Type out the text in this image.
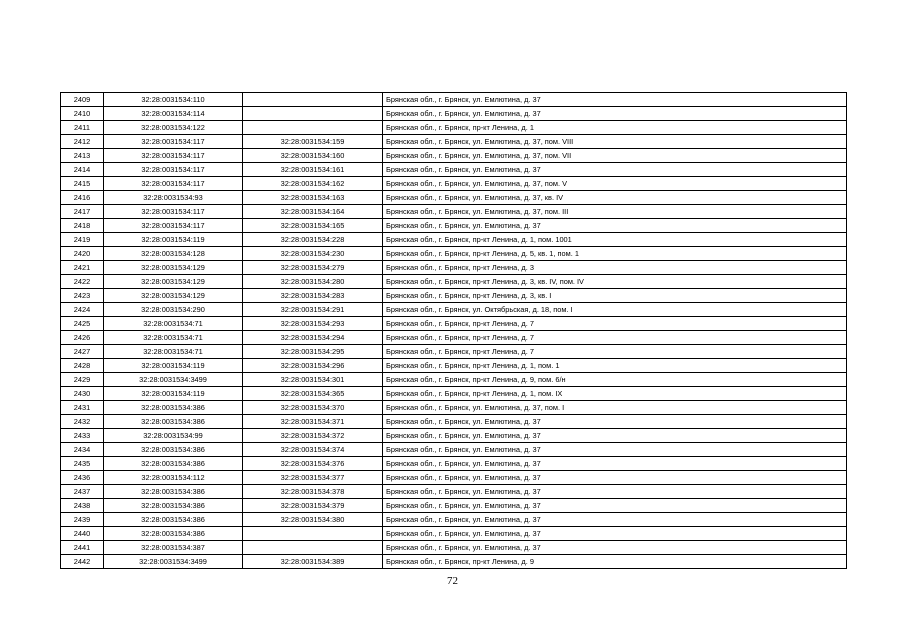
2409	32:28:0031534:110		Брянская обл., г. Брянск, ул. Емлютина, д. 37
2410	32:28:0031534:114		Брянская обл., г. Брянск, ул. Емлютина, д. 37
2411	32:28:0031534:122		Брянская обл., г. Брянск, пр-кт Ленина, д. 1
2412	32:28:0031534:117	32:28:0031534:159	Брянская обл., г. Брянск, ул. Емлютина, д. 37, пом. VIII
2413	32:28:0031534:117	32:28:0031534:160	Брянская обл., г. Брянск, ул. Емлютина, д. 37, пом. VII
2414	32:28:0031534:117	32:28:0031534:161	Брянская обл., г. Брянск, ул. Емлютина, д. 37
2415	32:28:0031534:117	32:28:0031534:162	Брянская обл., г. Брянск, ул. Емлютина, д. 37, пом. V
2416	32:28:0031534:93	32:28:0031534:163	Брянская обл., г. Брянск, ул. Емлютина, д. 37, кв. IV
2417	32:28:0031534:117	32:28:0031534:164	Брянская обл., г. Брянск, ул. Емлютина, д. 37, пом. III
2418	32:28:0031534:117	32:28:0031534:165	Брянская обл., г. Брянск, ул. Емлютина, д. 37
2419	32:28:0031534:119	32:28:0031534:228	Брянская обл., г. Брянск, пр-кт Ленина, д. 1, пом. 1001
2420	32:28:0031534:128	32:28:0031534:230	Брянская обл., г. Брянск, пр-кт Ленина, д. 5, кв. 1, пом. 1
2421	32:28:0031534:129	32:28:0031534:279	Брянская обл., г. Брянск, пр-кт Ленина, д. 3
2422	32:28:0031534:129	32:28:0031534:280	Брянская обл., г. Брянск, пр-кт Ленина, д. 3, кв. IV, пом. IV
2423	32:28:0031534:129	32:28:0031534:283	Брянская обл., г. Брянск, пр-кт Ленина, д. 3, кв. I
2424	32:28:0031534:290	32:28:0031534:291	Брянская обл., г. Брянск, ул. Октябрьская, д. 18, пом. I
2425	32:28:0031534:71	32:28:0031534:293	Брянская обл., г. Брянск, пр-кт Ленина, д. 7
2426	32:28:0031534:71	32:28:0031534:294	Брянская обл., г. Брянск, пр-кт Ленина, д. 7
2427	32:28:0031534:71	32:28:0031534:295	Брянская обл., г. Брянск, пр-кт Ленина, д. 7
2428	32:28:0031534:119	32:28:0031534:296	Брянская обл., г. Брянск, пр-кт Ленина, д. 1, пом. 1
2429	32:28:0031534:3499	32:28:0031534:301	Брянская обл., г. Брянск, пр-кт Ленина, д. 9, пом. 6/н
2430	32:28:0031534:119	32:28:0031534:365	Брянская обл., г. Брянск, пр-кт Ленина, д. 1, пом. IX
2431	32:28:0031534:386	32:28:0031534:370	Брянская обл., г. Брянск, ул. Емлютина, д. 37, пом. I
2432	32:28:0031534:386	32:28:0031534:371	Брянская обл., г. Брянск, ул. Емлютина, д. 37
2433	32:28:0031534:99	32:28:0031534:372	Брянская обл., г. Брянск, ул. Емлютина, д. 37
2434	32:28:0031534:386	32:28:0031534:374	Брянская обл., г. Брянск, ул. Емлютина, д. 37
2435	32:28:0031534:386	32:28:0031534:376	Брянская обл., г. Брянск, ул. Емлютина, д. 37
2436	32:28:0031534:112	32:28:0031534:377	Брянская обл., г. Брянск, ул. Емлютина, д. 37
2437	32:28:0031534:386	32:28:0031534:378	Брянская обл., г. Брянск, ул. Емлютина, д. 37
2438	32:28:0031534:386	32:28:0031534:379	Брянская обл., г. Брянск, ул. Емлютина, д. 37
2439	32:28:0031534:386	32:28:0031534:380	Брянская обл., г. Брянск, ул. Емлютина, д. 37
2440	32:28:0031534:386		Брянская обл., г. Брянск, ул. Емлютина, д. 37
2441	32:28:0031534:387		Брянская обл., г. Брянск, ул. Емлютина, д. 37
2442	32:28:0031534:3499	32:28:0031534:389	Брянская обл., г. Брянск, пр-кт Ленина, д. 9
72
